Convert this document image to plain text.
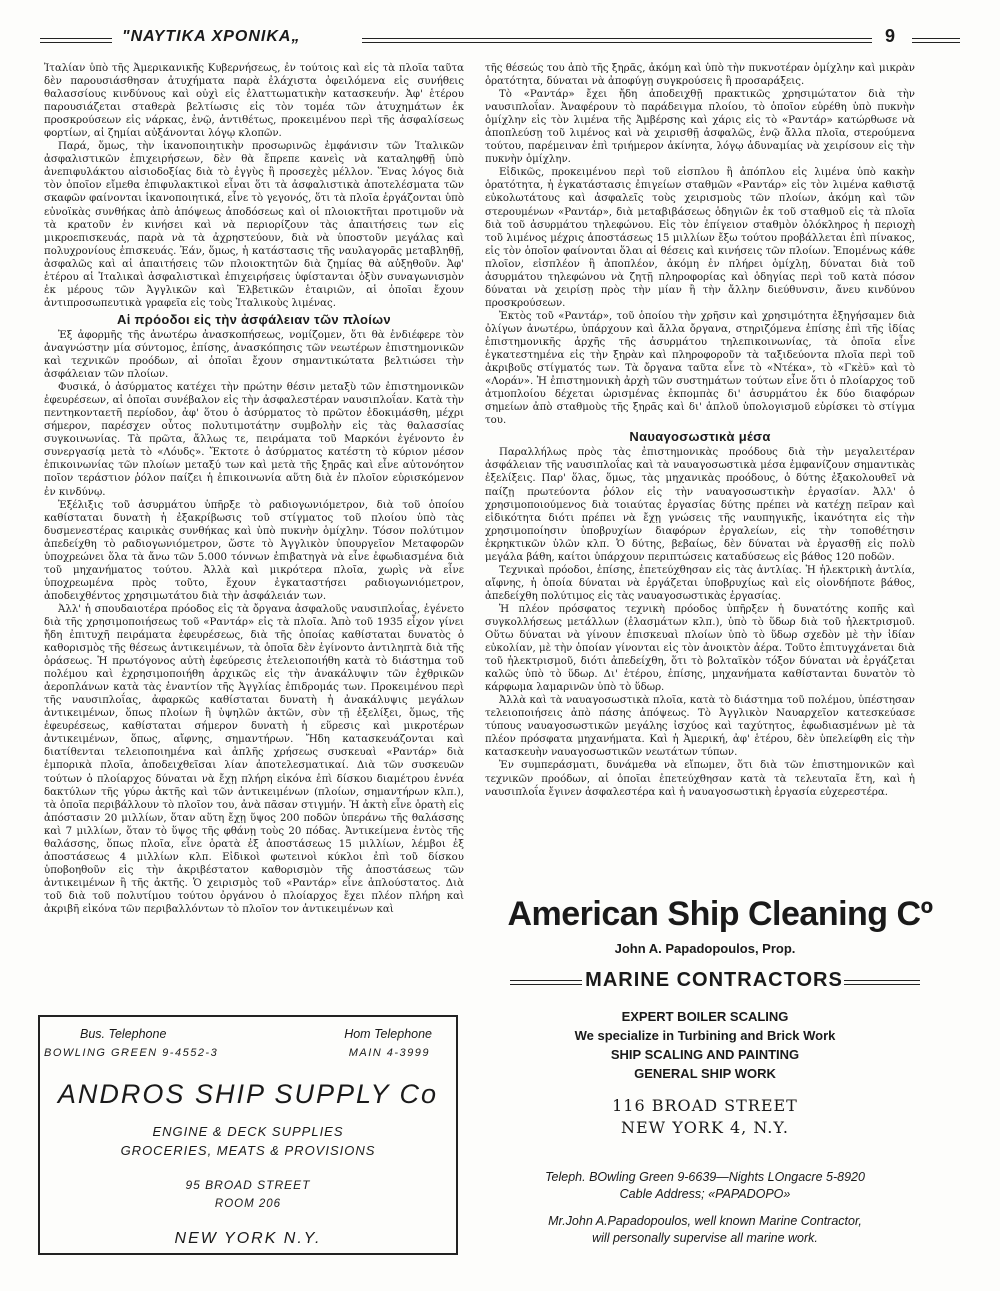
"ΝΑΥΤΙΚΑ ΧΡΟΝΙΚΑ„	9

Ἰταλίαν ὑπὸ τῆς Ἀμερικανικῆς Κυβερνήσεως, ἐν τούτοις καὶ εἰς τὰ πλοῖα ταῦτα δὲν παρουσιάσθησαν ἀτυχήματα παρὰ ἐλάχιστα ὀφειλόμενα εἰς συνήθεις θαλασσίους κινδύνους καὶ οὐχὶ εἰς ἐλαττωματικὴν κατασκευήν. Ἀφ' ἑτέρου παρουσιάζεται σταθερὰ βελτίωσις εἰς τὸν τομέα τῶν ἀτυχημάτων ἐκ προσκρούσεων εἰς νάρκας, ἐνῷ, ἀντιθέτως, προκειμένου περὶ τῆς ἀσφαλίσεως φορτίων, αἱ ζημίαι αὐξάνονται λόγῳ κλοπῶν.

Παρά, ὅμως, τὴν ἱκανοποιητικὴν προσωρινῶς ἐμφάνισιν τῶν Ἰταλικῶν ἀσφαλιστικῶν ἐπιχειρήσεων, δὲν θὰ ἔπρεπε κανεὶς νὰ καταληφθῇ ὑπὸ ἀνεπιφυλάκτου αἰσιοδοξίας διὰ τὸ ἐγγὺς ἢ προσεχὲς μέλλον. Ἕνας λόγος διὰ τὸν ὁποῖον εἴμεθα ἐπιφυλακτικοὶ εἶναι ὅτι τὰ ἀσφαλιστικὰ ἀποτελέσματα τῶν σκαφῶν φαίνονται ἱκανοποιητικά, εἶνε τὸ γεγονός, ὅτι τὰ πλοῖα ἐργάζονται ὑπὸ εὐνοϊκὰς συνθήκας ἀπὸ ἀπόψεως ἀποδόσεως καὶ οἱ πλοιοκτῆται προτιμοῦν νὰ τὰ κρατοῦν ἐν κινήσει καὶ νὰ περιορίζουν τὰς ἀπαιτήσεις των εἰς μικροεπισκευάς, παρὰ νὰ τὰ ἀχρηστεύουν, διὰ νὰ ὑποστοῦν μεγάλας καὶ πολυχρονίους ἐπισκευάς. Ἐάν, ὅμως, ἡ κατάστασις τῆς ναυλαγορᾶς μεταβληθῇ, ἀσφαλῶς καὶ αἱ ἀπαιτήσεις τῶν πλοιοκτητῶν διὰ ζημίας θὰ αὐξηθοῦν. Ἀφ' ἑτέρου αἱ Ἰταλικαὶ ἀσφαλιστικαὶ ἐπιχειρήσεις ὑφίστανται ὀξὺν συναγωνισμὸν ἐκ μέρους τῶν Ἀγγλικῶν καὶ Ἑλβετικῶν ἑταιριῶν, αἱ ὁποῖαι ἔχουν ἀντιπροσωπευτικὰ γραφεῖα εἰς τοὺς Ἰταλικοὺς λιμένας.

Αἱ πρόοδοι εἰς τὴν ἀσφάλειαν τῶν πλοίων

Ἐξ ἀφορμῆς τῆς ἀνωτέρω ἀνασκοπήσεως, νομίζομεν, ὅτι θὰ ἐνδιέφερε τὸν ἀναγνώστην μία σύντομος, ἐπίσης, ἀνασκόπησις τῶν νεωτέρων ἐπιστημονικῶν καὶ τεχνικῶν προόδων, αἱ ὁποῖαι ἔχουν σημαντικώτατα βελτιώσει τὴν ἀσφάλειαν τῶν πλοίων.

Φυσικά, ὁ ἀσύρματος κατέχει τὴν πρώτην θέσιν μεταξὺ τῶν ἐπιστημονικῶν ἐφευρέσεων, αἱ ὁποῖαι συνέβαλον εἰς τὴν ἀσφαλεστέραν ναυσιπλοΐαν. Κατὰ τὴν πεντηκονταετῆ περίοδον, ἀφ' ὅτου ὁ ἀσύρματος τὸ πρῶτον ἐδοκιμάσθη, μέχρι σήμερον, παρέσχεν οὗτος πολυτιμοτάτην συμβολὴν εἰς τὰς θαλασσίας συγκοινωνίας. Τὰ πρῶτα, ἄλλως τε, πειράματα τοῦ Μαρκόνι ἐγένοντο ἐν συνεργασίᾳ μετὰ τὸ «Λόυδς». Ἔκτοτε ὁ ἀσύρματος κατέστη τὸ κύριον μέσον ἐπικοινωνίας τῶν πλοίων μεταξύ των καὶ μετὰ τῆς ξηρᾶς καὶ εἶνε αὐτονόητον ποῖον τεράστιον ῥόλον παίζει ἡ ἐπικοινωνία αὕτη διὰ ἐν πλοῖον εὑρισκόμενον ἐν κινδύνῳ.

Ἐξέλιξις τοῦ ἀσυρμάτου ὑπῆρξε τὸ ραδιογωνιόμετρον, διὰ τοῦ ὁποίου καθίσταται δυνατὴ ἡ ἐξακρίβωσις τοῦ στίγματος τοῦ πλοίου ὑπὸ τὰς δυσμενεστέρας καιρικὰς συνθήκας καὶ ὑπὸ πυκνὴν ὁμίχλην. Τόσον πολύτιμον ἀπεδείχθη τὸ ραδιογωνιόμετρον, ὥστε τὸ Ἀγγλικὸν ὑπουργεῖον Μεταφορῶν ὑποχρεώνει ὅλα τὰ ἄνω τῶν 5.000 τόννων ἐπιβατηγὰ νὰ εἶνε ἐφωδιασμένα διὰ τοῦ μηχανήματος τούτου. Ἀλλὰ καὶ μικρότερα πλοῖα, χωρὶς νὰ εἶνε ὑποχρεωμένα πρὸς τοῦτο, ἔχουν ἐγκαταστήσει ραδιογωνιόμετρον, ἀποδειχθέντος χρησιμωτάτου διὰ τὴν ἀσφάλειάν των.

Ἀλλ' ἡ σπουδαιοτέρα πρόοδος εἰς τὰ ὄργανα ἀσφαλοῦς ναυσιπλοΐας, ἐγένετο διὰ τῆς χρησιμοποιήσεως τοῦ «Ραντάρ» εἰς τὰ πλοῖα. Ἀπὸ τοῦ 1935 εἶχον γίνει ἤδη ἐπιτυχῆ πειράματα ἐφευρέσεως, διὰ τῆς ὁποίας καθίσταται δυνατὸς ὁ καθορισμὸς τῆς θέσεως ἀντικειμένων, τὰ ὁποῖα δὲν ἐγίνοντο ἀντιληπτὰ διὰ τῆς ὁράσεως. Ἡ πρωτόγονος αὐτὴ ἐφεύρεσις ἐτελειοποιήθη κατὰ τὸ διάστημα τοῦ πολέμου καὶ ἐχρησιμοποιήθη ἀρχικῶς εἰς τὴν ἀνακάλυψιν τῶν ἐχθρικῶν ἀεροπλάνων κατὰ τὰς ἐναντίον τῆς Ἀγγλίας ἐπιδρομάς των. Προκειμένου περὶ τῆς ναυσιπλοΐας, ἀφαρκῶς καθίσταται δυνατὴ ἡ ἀνακάλυψις μεγάλων ἀντικειμένων, ὅπως πλοίων ἢ ὑψηλῶν ἀκτῶν, σὺν τῇ ἐξελίξει, ὅμως, τῆς ἐφευρέσεως, καθίσταται σήμερον δυνατὴ ἡ εὕρεσις καὶ μικροτέρων ἀντικειμένων, ὅπως, αἴφνης, σημαντήρων. Ἤδη κατασκευάζονται καὶ διατίθενται τελειοποιημένα καὶ ἁπλῆς χρήσεως συσκευαὶ «Ραντάρ» διὰ ἐμπορικὰ πλοῖα, ἀποδειχθεῖσαι λίαν ἀποτελεσματικαί. Διὰ τῶν συσκευῶν τούτων ὁ πλοίαρχος δύναται νὰ ἔχῃ πλήρη εἰκόνα ἐπὶ δίσκου διαμέτρου ἐννέα δακτύλων τῆς γύρω ἀκτῆς καὶ τῶν ἀντικειμένων (πλοίων, σημαντήρων κλπ.), τὰ ὁποῖα περιβάλλουν τὸ πλοῖον του, ἀνὰ πᾶσαν στιγμήν. Ἡ ἀκτὴ εἶνε ὁρατὴ εἰς ἀπόστασιν 20 μιλλίων, ὅταν αὕτη ἔχῃ ὕψος 200 ποδῶν ὑπεράνω τῆς θαλάσσης καὶ 7 μιλλίων, ὅταν τὸ ὕψος τῆς φθάνῃ τοὺς 20 πόδας. Ἀντικείμενα ἐντὸς τῆς θαλάσσης, ὅπως πλοῖα, εἶνε ὁρατὰ ἐξ ἀποστάσεως 15 μιλλίων, λέμβοι ἐξ ἀποστάσεως 4 μιλλίων κλπ. Εἰδικοὶ φωτεινοὶ κύκλοι ἐπὶ τοῦ δίσκου ὑποβοηθοῦν εἰς τὴν ἀκριβέστατον καθορισμὸν τῆς ἀποστάσεως τῶν ἀντικειμένων ἢ τῆς ἀκτῆς. Ὁ χειρισμὸς τοῦ «Ραντάρ» εἶνε ἁπλούστατος. Διὰ τοῦ διὰ τοῦ πολυτίμου τούτου ὀργάνου ὁ πλοίαρχος ἔχει πλέον πλήρη καὶ ἀκριβῆ εἰκόνα τῶν περιβαλλόντων τὸ πλοῖον τον ἀντικειμένων καὶ

τῆς θέσεώς του ἀπὸ τῆς ξηρᾶς, ἀκόμη καὶ ὑπὸ τὴν πυκνοτέραν ὁμίχλην καὶ μικρὰν ὁρατότητα, δύναται νὰ ἀποφύγῃ συγκρούσεις ἢ προσαράξεις.

Τὸ «Ραντάρ» ἔχει ἤδη ἀποδειχθῇ πρακτικῶς χρησιμώτατον διὰ τὴν ναυσιπλοΐαν. Ἀναφέρουν τὸ παράδειγμα πλοίου, τὸ ὁποῖον εὑρέθη ὑπὸ πυκνὴν ὁμίχλην εἰς τὸν λιμένα τῆς Ἀμβέρσης καὶ χάρις εἰς τὸ «Ραντάρ» κατώρθωσε νὰ ἀποπλεύσῃ τοῦ λιμένος καὶ νὰ χειρισθῇ ἀσφαλῶς, ἐνῷ ἄλλα πλοῖα, στερούμενα τούτου, παρέμειναν ἐπὶ τριήμερον ἀκίνητα, λόγῳ ἀδυναμίας νὰ χειρίσουν εἰς τὴν πυκνὴν ὁμίχλην.

Εἰδικῶς, προκειμένου περὶ τοῦ εἰσπλου ἢ ἀπόπλου εἰς λιμένα ὑπὸ κακὴν ὁρατότητα, ἡ ἐγκατάστασις ἐπιγείων σταθμῶν «Ραντάρ» εἰς τὸν λιμένα καθιστᾷ εὐκολωτάτους καὶ ἀσφαλεῖς τοὺς χειρισμοὺς τῶν πλοίων, ἀκόμη καὶ τῶν στερουμένων «Ραντάρ», διὰ μεταβιβάσεως ὁδηγιῶν ἐκ τοῦ σταθμοῦ εἰς τὰ πλοῖα διὰ τοῦ ἀσυρμάτου τηλεφώνου. Εἰς τὸν ἐπίγειον σταθμὸν ὁλόκληρος ἡ περιοχὴ τοῦ λιμένος μέχρις ἀποστάσεως 15 μιλλίων ἔξω τούτου προβάλλεται ἐπὶ πίνακος, εἰς τὸν ὁποῖον φαίνονται ὅλαι αἱ θέσεις καὶ κινήσεις τῶν πλοίων. Ἐπομένως κάθε πλοῖον, εἰσπλέον ἢ ἀποπλέον, ἀκόμη ἐν πλήρει ὁμίχλῃ, δύναται διὰ τοῦ ἀσυρμάτου τηλεφώνου νὰ ζητῇ πληροφορίας καὶ ὁδηγίας περὶ τοῦ κατὰ πόσον δύναται νὰ χειρίσῃ πρὸς τὴν μίαν ἢ τὴν ἄλλην διεύθυνσιν, ἄνευ κινδύνου προσκρούσεων.

Ἐκτὸς τοῦ «Ραντάρ», τοῦ ὁποίου τὴν χρῆσιν καὶ χρησιμότητα ἐξηγήσαμεν διὰ ὀλίγων ἀνωτέρω, ὑπάρχουν καὶ ἄλλα ὄργανα, στηριζόμενα ἐπίσης ἐπὶ τῆς ἰδίας ἐπιστημονικῆς ἀρχῆς τῆς ἀσυρμάτου τηλεπικοινωνίας, τὰ ὁποῖα εἶνε ἐγκατεστημένα εἰς τὴν ξηρὰν καὶ πληροφοροῦν τὰ ταξιδεύοντα πλοῖα περὶ τοῦ ἀκριβοῦς στίγματός των. Τὰ ὄργανα ταῦτα εἶνε τὸ «Ντέκα», τὸ «Γκὲϋ» καὶ τὸ «Λοράν». Ἡ ἐπιστημονικὴ ἀρχὴ τῶν συστημάτων τούτων εἶνε ὅτι ὁ πλοίαρχος τοῦ ἀτμοπλοίου δέχεται ὡρισμένας ἐκπομπὰς δι' ἀσυρμάτου ἐκ δύο διαφόρων σημείων ἀπὸ σταθμοὺς τῆς ξηρᾶς καὶ δι' ἁπλοῦ ὑπολογισμοῦ εὑρίσκει τὸ στίγμα του.

Ναυαγοσωστικὰ μέσα

Παραλλήλως πρὸς τὰς ἐπιστημονικὰς προόδους διὰ τὴν μεγαλειτέραν ἀσφάλειαν τῆς ναυσιπλοΐας καὶ τὰ ναυαγοσωστικὰ μέσα ἐμφανίζουν σημαντικὰς ἐξελίξεις. Παρ' ὅλας, ὅμως, τὰς μηχανικὰς προόδους, ὁ δύτης ἐξακολουθεῖ νὰ παίζῃ πρωτεύοντα ῥόλον εἰς τὴν ναυαγοσωστικὴν ἐργασίαν. Ἀλλ' ὁ χρησιμοποιούμενος διὰ τοιαύτας ἐργασίας δύτης πρέπει νὰ κατέχῃ πεῖραν καὶ εἰδικότητα διότι πρέπει νὰ ἔχῃ γνώσεις τῆς ναυπηγικῆς, ἱκανότητα εἰς τὴν χρησιμοποίησιν ὑποβρυχίων διαφόρων ἐργαλείων, εἰς τὴν τοποθέτησιν ἐκρηκτικῶν ὑλῶν κλπ. Ὁ δύτης, βεβαίως, δὲν δύναται νὰ ἐργασθῇ εἰς πολὺ μεγάλα βάθη, καίτοι ὑπάρχουν περιπτώσεις καταδύσεως εἰς βάθος 120 ποδῶν.

Τεχνικαὶ πρόοδοι, ἐπίσης, ἐπετεύχθησαν εἰς τὰς ἀντλίας. Ἡ ἠλεκτρικὴ ἀντλία, αἴφνης, ἡ ὁποία δύναται νὰ ἐργάζεται ὑποβρυχίως καὶ εἰς οἱονδήποτε βάθος, ἀπεδείχθη πολύτιμος εἰς τὰς ναυαγοσωστικὰς ἐργασίας.

Ἡ πλέον πρόσφατος τεχνικὴ πρόοδος ὑπῆρξεν ἡ δυνατότης κοπῆς καὶ συγκολλήσεως μετάλλων (ἐλασμάτων κλπ.), ὑπὸ τὸ ὕδωρ διὰ τοῦ ἠλεκτρισμοῦ. Οὕτω δύναται νὰ γίνουν ἐπισκευαὶ πλοίων ὑπὸ τὸ ὕδωρ σχεδὸν μὲ τὴν ἰδίαν εὐκολίαν, μὲ τὴν ὁποίαν γίνονται εἰς τὸν ἀνοικτὸν ἀέρα. Τοῦτο ἐπιτυγχάνεται διὰ τοῦ ἠλεκτρισμοῦ, διότι ἀπεδείχθη, ὅτι τὸ βολταϊκὸν τόξον δύναται νὰ ἐργάζεται καλῶς ὑπὸ τὸ ὕδωρ. Δι' ἑτέρου, ἐπίσης, μηχανήματα καθίστανται δυνατὸν τὸ κάρφωμα λαμαρινῶν ὑπὸ τὸ ὕδωρ.

Ἀλλὰ καὶ τὰ ναυαγοσωστικὰ πλοῖα, κατὰ τὸ διάστημα τοῦ πολέμου, ὑπέστησαν τελειοποιήσεις ἀπὸ πάσης ἀπόψεως. Τὸ Ἀγγλικὸν Ναυαρχεῖον κατεσκεύασε τύπους ναυαγοσωστικῶν μεγάλης ἰσχύος καὶ ταχύτητος, ἐφωδιασμένων μὲ τὰ πλέον πρόσφατα μηχανήματα. Καὶ ἡ Ἀμερική, ἀφ' ἑτέρου, δὲν ὑπελείφθη εἰς τὴν κατασκευὴν ναυαγοσωστικῶν νεωτάτων τύπων.

Ἐν συμπεράσματι, δυνάμεθα νὰ εἴπωμεν, ὅτι διὰ τῶν ἐπιστημονικῶν καὶ τεχνικῶν προόδων, αἱ ὁποῖαι ἐπετεύχθησαν κατὰ τὰ τελευταῖα ἔτη, καὶ ἡ ναυσιπλοΐα ἔγινεν ἀσφαλεστέρα καὶ ἡ ναυαγοσωστικὴ ἐργασία εὐχερεστέρα.

Bus. Telephone	Hom Telephone
BOWLING GREEN 9-4552-3	MAIN 4-3999
ANDROS SHIP SUPPLY Co
ENGINE & DECK SUPPLIES
GROCERIES, MEATS & PROVISIONS
95 BROAD STREET
ROOM 206
NEW YORK N.Y.
American Ship Cleaning Cº
John A. Papadopoulos, Prop.
MARINE CONTRACTORS
EXPERT BOILER SCALING
We specialize in Turbining and Brick Work
SHIP SCALING AND PAINTING
GENERAL SHIP WORK
116 BROAD STREET
NEW YORK 4, N.Y.
Teleph. BOwling Green 9-6639—Nights LOngacre 5-8920
Cable Address; «PAPADOPO»
Mr.John A.Papadopoulos, well known Marine Contractor,
will personally supervise all marine work.
